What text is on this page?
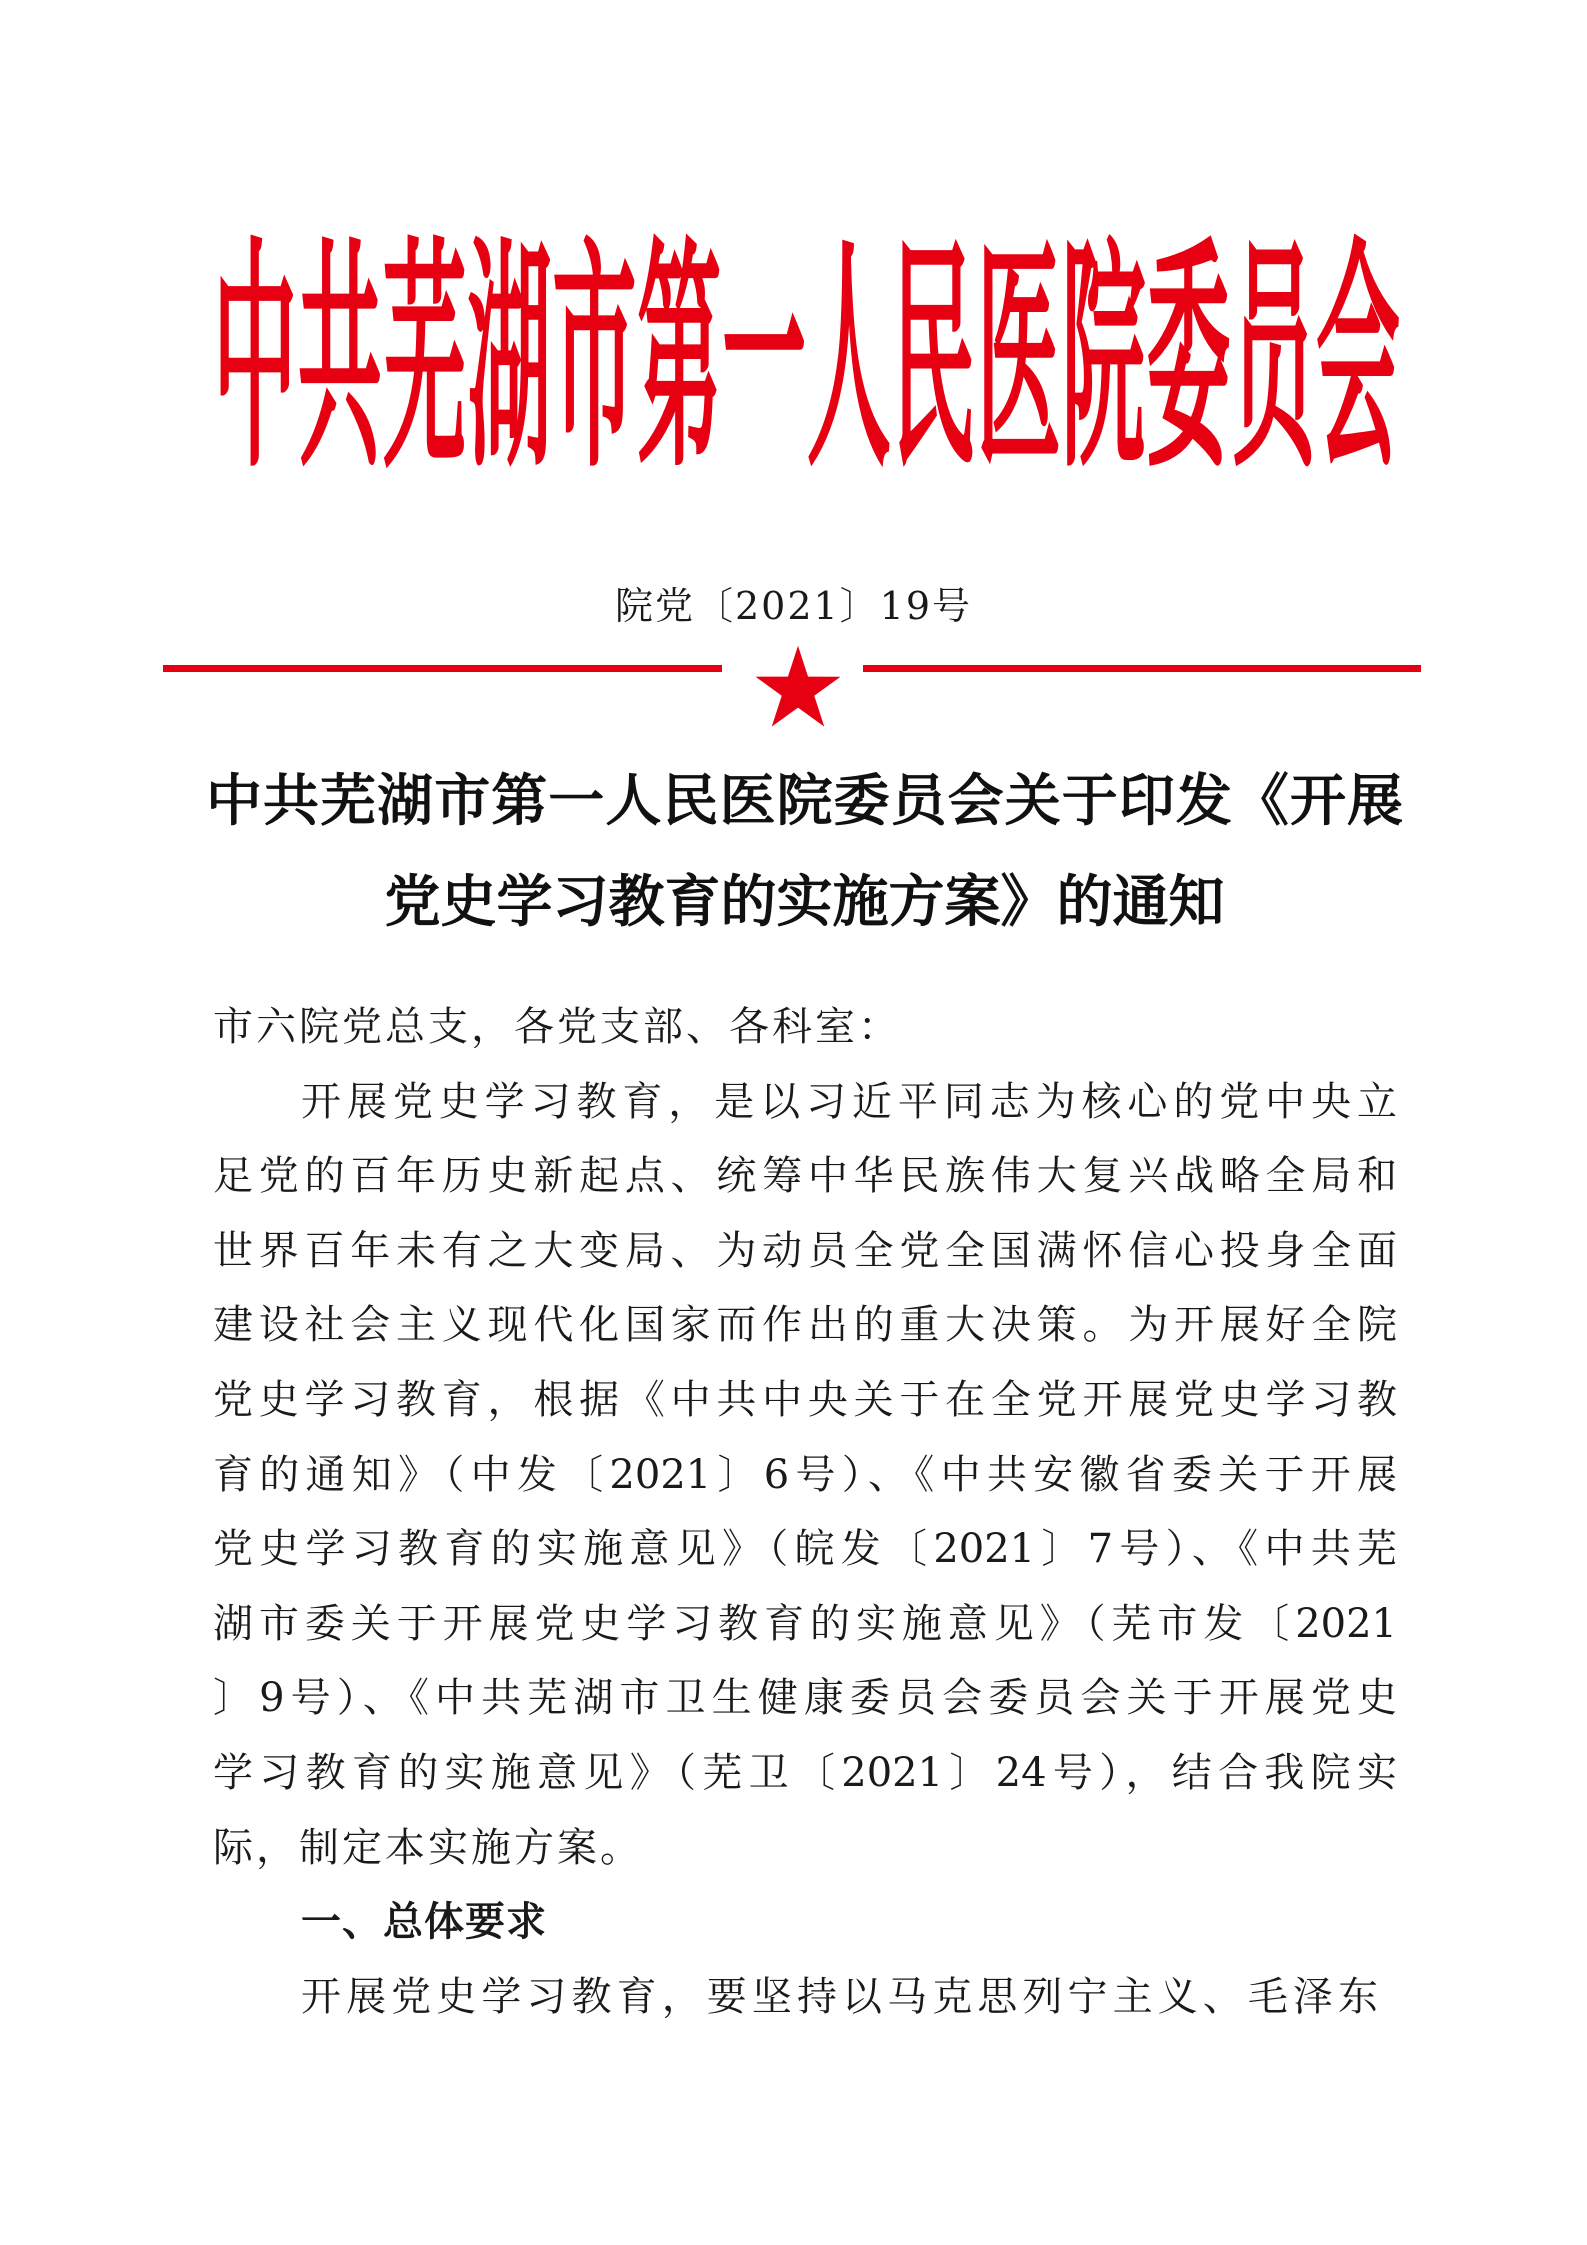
中共芜湖市第一人民医院委员会
院党〔2021〕19号
中共芜湖市第一人民医院委员会关于印发《开展
党史学习教育的实施方案》的通知
市六院党总支，各党支部、各科室：
开展党史学习教育，是以习近平同志为核心的党中央立
足党的百年历史新起点、统筹中华民族伟大复兴战略全局和
世界百年未有之大变局、为动员全党全国满怀信心投身全面
建设社会主义现代化国家而作出的重大决策。为开展好全院
党史学习教育，根据《中共中央关于在全党开展党史学习教
育的通知》（中发〔2021〕6号）、《中共安徽省委关于开展
党史学习教育的实施意见》（皖发〔2021〕7号）、《中共芜
湖市委关于开展党史学习教育的实施意见》（芜市发〔2021
〕9号）、《中共芜湖市卫生健康委员会委员会关于开展党史
学习教育的实施意见》（芜卫〔2021〕24号），结合我院实
际，制定本实施方案。
一、总体要求
开展党史学习教育，要坚持以马克思列宁主义、毛泽东
